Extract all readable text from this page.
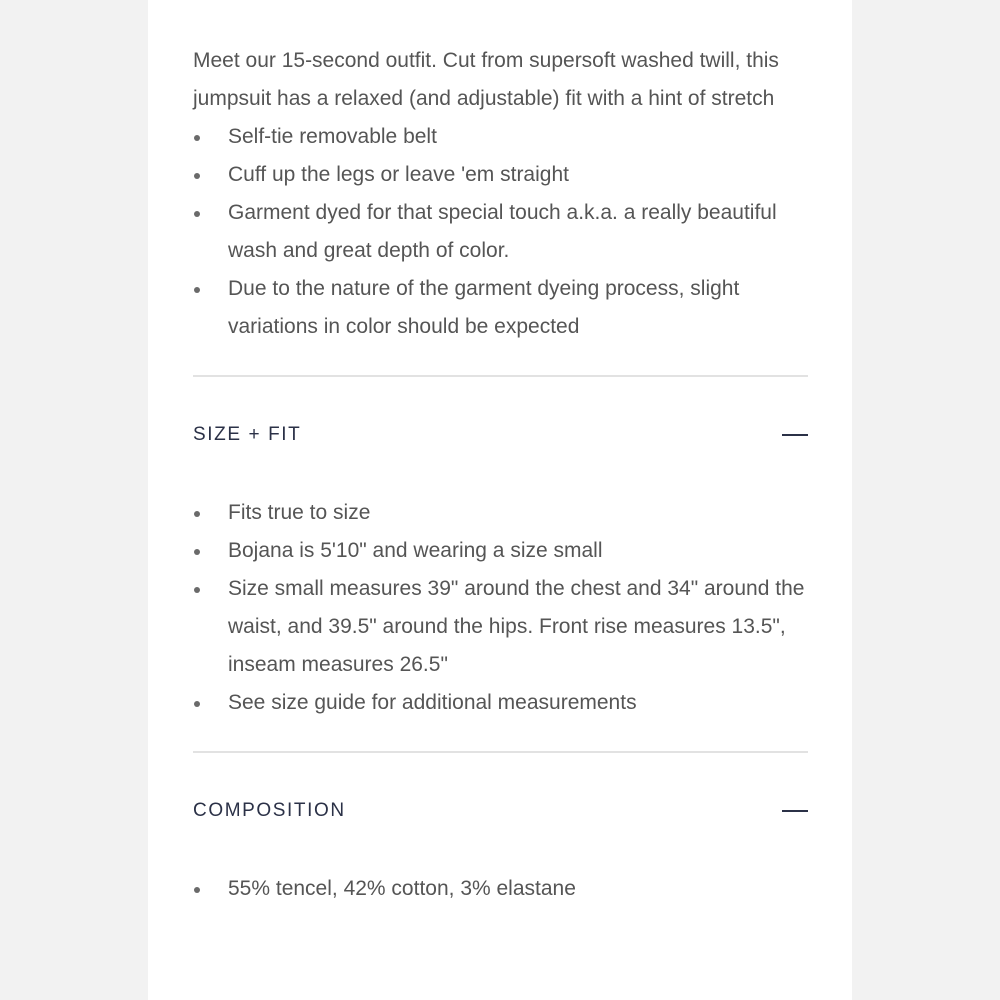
Meet our 15-second outfit. Cut from supersoft washed twill, this jumpsuit has a relaxed (and adjustable) fit with a hint of stretch

Self-tie removable belt
Cuff up the legs or leave 'em straight
Garment dyed for that special touch a.k.a. a really beautiful wash and great depth of color.
Due to the nature of the garment dyeing process, slight variations in color should be expected
SIZE + FIT
Fits true to size
Bojana is 5'10" and wearing a size small
Size small measures 39" around the chest and 34" around the waist, and 39.5" around the hips. Front rise measures 13.5", inseam measures 26.5"
See size guide for additional measurements
COMPOSITION
55% tencel, 42% cotton, 3% elastane
